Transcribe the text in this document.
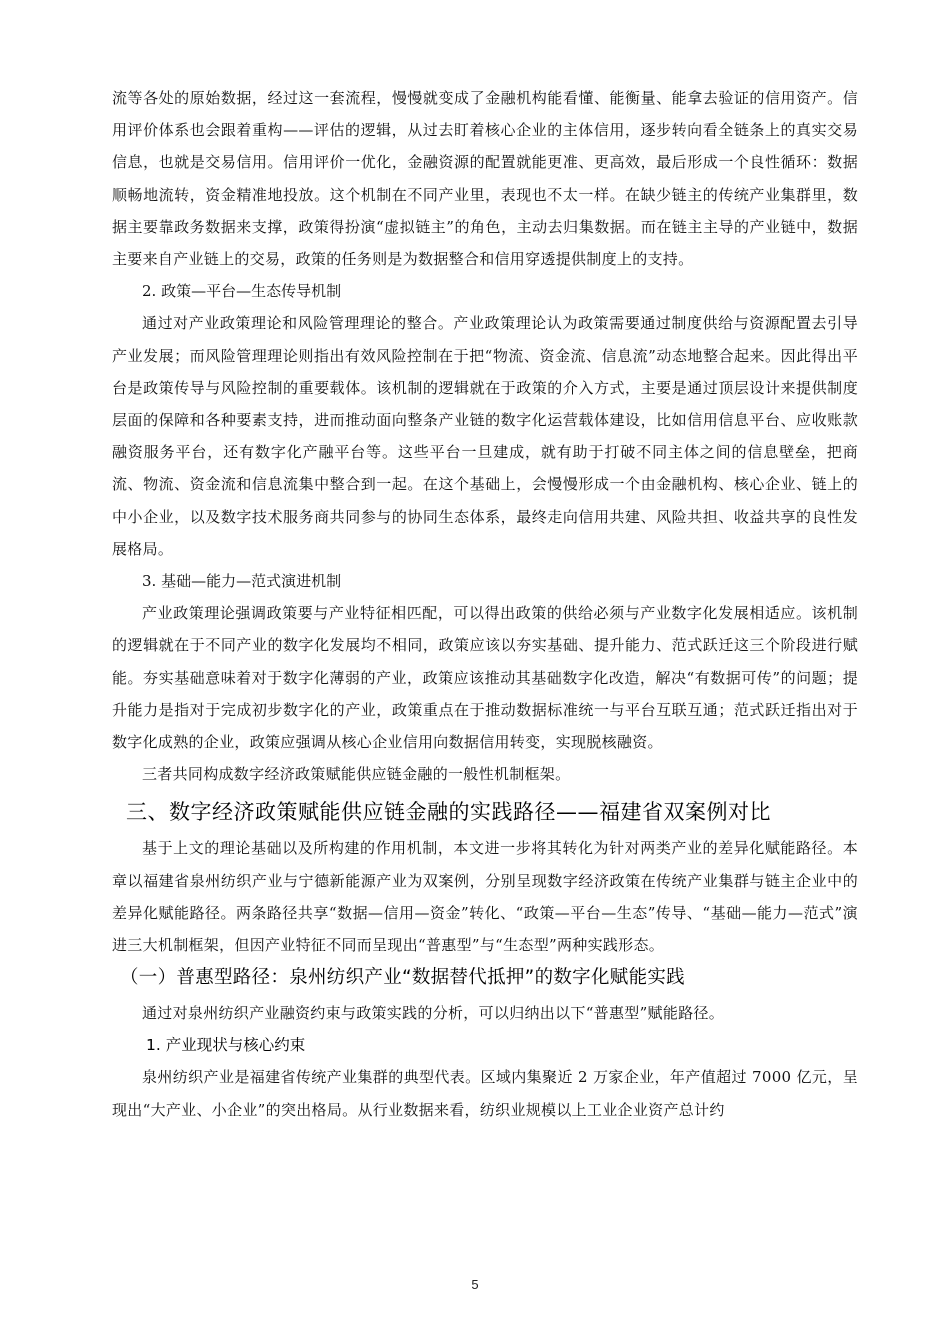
流等各处的原始数据，经过这一套流程，慢慢就变成了金融机构能看懂、能衡量、能拿去验证的信用资产。信用评价体系也会跟着重构——评估的逻辑，从过去盯着核心企业的主体信用，逐步转向看全链条上的真实交易信息，也就是交易信用。信用评价一优化，金融资源的配置就能更准、更高效，最后形成一个良性循环：数据顺畅地流转，资金精准地投放。这个机制在不同产业里，表现也不太一样。在缺少链主的传统产业集群里，数据主要靠政务数据来支撑，政策得扮演“虚拟链主”的角色，主动去归集数据。而在链主主导的产业链中，数据主要来自产业链上的交易，政策的任务则是为数据整合和信用穿透提供制度上的支持。

2. 政策—平台—生态传导机制

通过对产业政策理论和风险管理理论的整合。产业政策理论认为政策需要通过制度供给与资源配置去引导产业发展；而风险管理理论则指出有效风险控制在于把“物流、资金流、信息流”动态地整合起来。因此得出平台是政策传导与风险控制的重要载体。该机制的逻辑就在于政策的介入方式，主要是通过顶层设计来提供制度层面的保障和各种要素支持，进而推动面向整条产业链的数字化运营载体建设，比如信用信息平台、应收账款融资服务平台，还有数字化产融平台等。这些平台一旦建成，就有助于打破不同主体之间的信息壁垒，把商流、物流、资金流和信息流集中整合到一起。在这个基础上，会慢慢形成一个由金融机构、核心企业、链上的中小企业，以及数字技术服务商共同参与的协同生态体系，最终走向信用共建、风险共担、收益共享的良性发展格局。

3. 基础—能力—范式演进机制

产业政策理论强调政策要与产业特征相匹配，可以得出政策的供给必须与产业数字化发展相适应。该机制的逻辑就在于不同产业的数字化发展均不相同，政策应该以夯实基础、提升能力、范式跃迁这三个阶段进行赋能。夯实基础意味着对于数字化薄弱的产业，政策应该推动其基础数字化改造，解决“有数据可传”的问题；提升能力是指对于完成初步数字化的产业，政策重点在于推动数据标准统一与平台互联互通；范式跃迁指出对于数字化成熟的企业，政策应强调从核心企业信用向数据信用转变，实现脱核融资。

三者共同构成数字经济政策赋能供应链金融的一般性机制框架。

三、数字经济政策赋能供应链金融的实践路径——福建省双案例对比

基于上文的理论基础以及所构建的作用机制，本文进一步将其转化为针对两类产业的差异化赋能路径。本章以福建省泉州纺织产业与宁德新能源产业为双案例，分别呈现数字经济政策在传统产业集群与链主企业中的差异化赋能路径。两条路径共享“数据—信用—资金”转化、“政策—平台—生态”传导、“基础—能力—范式”演进三大机制框架，但因产业特征不同而呈现出“普惠型”与“生态型”两种实践形态。

（一）普惠型路径：泉州纺织产业“数据替代抵押”的数字化赋能实践

通过对泉州纺织产业融资约束与政策实践的分析，可以归纳出以下“普惠型”赋能路径。

1. 产业现状与核心约束

泉州纺织产业是福建省传统产业集群的典型代表。区域内集聚近 2 万家企业，年产值超过 7000 亿元，呈现出“大产业、小企业”的突出格局。从行业数据来看，纺织业规模以上工业企业资产总计约

5
